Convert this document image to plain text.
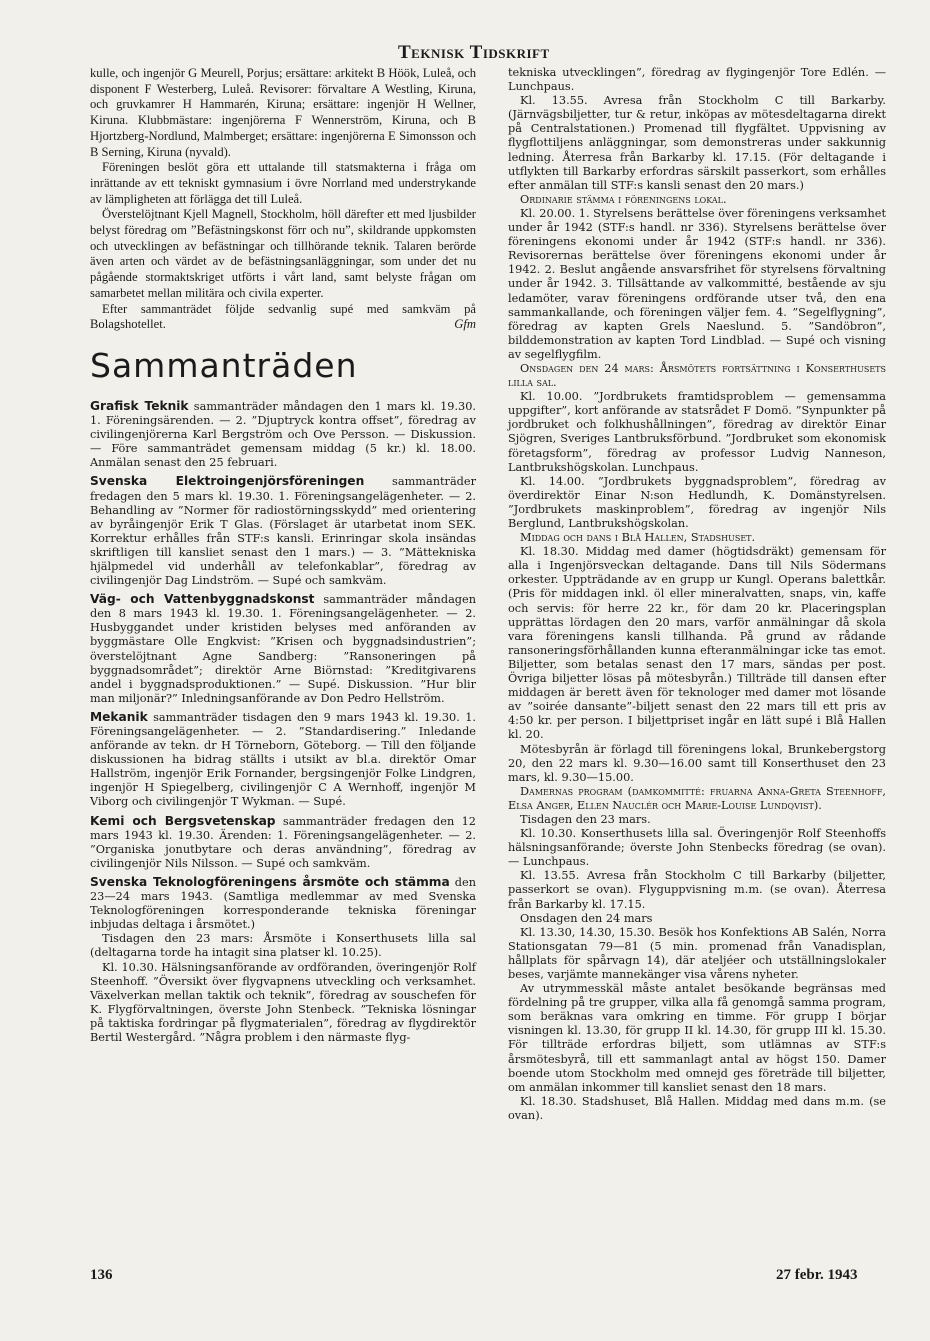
Teknisk Tidskrift

kulle, och ingenjör G Meurell, Porjus; ersättare: arkitekt B Höök, Luleå, och disponent F Westerberg, Luleå. Revisorer: förvaltare A Westling, Kiruna, och gruvkamrer H Hammarén, Kiruna; ersättare: ingenjör H Wellner, Kiruna. Klubbmästare: ingenjörerna F Wennerström, Kiruna, och B Hjortzberg-Nordlund, Malmberget; ersättare: ingenjörerna E Simonsson och B Serning, Kiruna (nyvald).

Föreningen beslöt göra ett uttalande till statsmakterna i fråga om inrättande av ett tekniskt gymnasium i övre Norrland med understrykande av lämpligheten att förlägga det till Luleå.

Överstelöjtnant Kjell Magnell, Stockholm, höll därefter ett med ljusbilder belyst föredrag om ”Befästningskonst förr och nu”, skildrande uppkomsten och utvecklingen av befästningar och tillhörande teknik. Talaren berörde även arten och värdet av de befästningsanläggningar, som under det nu pågående stormaktskriget utförts i vårt land, samt belyste frågan om samarbetet mellan militära och civila experter.

Efter sammanträdet följde sedvanlig supé med samkväm på Bolagshotellet.	Gfm

Sammanträden

Grafisk Teknik sammanträder måndagen den 1 mars kl. 19.30. 1. Föreningsärenden. — 2. ”Djuptryck kontra offset”, föredrag av civilingenjörerna Karl Bergström och Ove Persson. — Diskussion. — Före sammanträdet gemensam middag (5 kr.) kl. 18.00. Anmälan senast den 25 februari.

Svenska Elektroingenjörsföreningen sammanträder fredagen den 5 mars kl. 19.30. 1. Föreningsangelägenheter. — 2. Behandling av ”Normer för radiostörningsskydd” med orientering av byråingenjör Erik T Glas. (Förslaget är utarbetat inom SEK. Korrektur erhålles från STF:s kansli. Erinringar skola insändas skriftligen till kansliet senast den 1 mars.) — 3. ”Mättekniska hjälpmedel vid underhåll av telefonkablar”, föredrag av civilingenjör Dag Lindström. — Supé och samkväm.

Väg- och Vattenbyggnadskonst sammanträder måndagen den 8 mars 1943 kl. 19.30. 1. Föreningsangelägenheter. — 2. Husbyggandet under kristiden belyses med anföranden av byggmästare Olle Engkvist: ”Krisen och byggnadsindustrien”; överstelöjtnant Agne Sandberg: ”Ransoneringen på byggnadsområdet”; direktör Arne Biörnstad: ”Kreditgivarens andel i byggnadsproduktionen.” — Supé. Diskussion. ”Hur blir man miljonär?” Inledningsanförande av Don Pedro Hellström.

Mekanik sammanträder tisdagen den 9 mars 1943 kl. 19.30. 1. Föreningsangelägenheter. — 2. ”Standardisering.” Inledande anförande av tekn. dr H Törneborn, Göteborg. — Till den följande diskussionen ha bidrag ställts i utsikt av bl.a. direktör Omar Hallström, ingenjör Erik Fornander, bergsingenjör Folke Lindgren, ingenjör H Spiegelberg, civilingenjör C A Wernhoff, ingenjör M Viborg och civilingenjör T Wykman. — Supé.

Kemi och Bergsvetenskap sammanträder fredagen den 12 mars 1943 kl. 19.30. Ärenden: 1. Föreningsangelägenheter. — 2. ”Organiska jonutbytare och deras användning”, föredrag av civilingenjör Nils Nilsson. — Supé och samkväm.

Svenska Teknologföreningens årsmöte och stämma den 23—24 mars 1943. (Samtliga medlemmar av med Svenska Teknologföreningen korresponderande tekniska föreningar inbjudas deltaga i årsmötet.)

Tisdagen den 23 mars: Årsmöte i Konserthusets lilla sal (deltagarna torde ha intagit sina platser kl. 10.25).

Kl. 10.30. Hälsningsanförande av ordföranden, överingenjör Rolf Steenhoff. ”Översikt över flygvapnens utveckling och verksamhet. Växelverkan mellan taktik och teknik”, föredrag av souschefen för K. Flygförvaltningen, överste John Stenbeck. ”Tekniska lösningar på taktiska fordringar på flygmaterialen”, föredrag av flygdirektör Bertil Westergård. ”Några problem i den närmaste flyg-

tekniska utvecklingen”, föredrag av flygingenjör Tore Edlén. — Lunchpaus.

Kl. 13.55. Avresa från Stockholm C till Barkarby. (Järnvägsbiljetter, tur & retur, inköpas av mötesdeltagarna direkt på Centralstationen.) Promenad till flygfältet. Uppvisning av flygflottiljens anläggningar, som demonstreras under sakkunnig ledning. Återresa från Barkarby kl. 17.15. (För deltagande i utflykten till Barkarby erfordras särskilt passerkort, som erhålles efter anmälan till STF:s kansli senast den 20 mars.)

Ordinarie stämma i föreningens lokal.

Kl. 20.00. 1. Styrelsens berättelse över föreningens verksamhet under år 1942 (STF:s handl. nr 336). Styrelsens berättelse över föreningens ekonomi under år 1942 (STF:s handl. nr 336). Revisorernas berättelse över föreningens ekonomi under år 1942. 2. Beslut angående ansvarsfrihet för styrelsens förvaltning under år 1942. 3. Tillsättande av valkommitté, bestående av sju ledamöter, varav föreningens ordförande utser två, den ena sammankallande, och föreningen väljer fem. 4. ”Segelflygning”, föredrag av kapten Grels Naeslund. 5. ”Sandöbron”, bilddemonstration av kapten Tord Lindblad. — Supé och visning av segelflygfilm.

Onsdagen den 24 mars: Årsmötets fortsättning i Konserthusets lilla sal.

Kl. 10.00. ”Jordbrukets framtidsproblem — gemensamma uppgifter”, kort anförande av statsrådet F Domö. ”Synpunkter på jordbruket och folkhushållningen”, föredrag av direktör Einar Sjögren, Sveriges Lantbruksförbund. ”Jordbruket som ekonomisk företagsform”, föredrag av professor Ludvig Nanneson, Lantbrukshögskolan. Lunchpaus.

Kl. 14.00. ”Jordbrukets byggnadsproblem”, föredrag av överdirektör Einar N:son Hedlundh, K. Domänstyrelsen. ”Jordbrukets maskinproblem”, föredrag av ingenjör Nils Berglund, Lantbrukshögskolan.

Middag och dans i Blå Hallen, Stadshuset.

Kl. 18.30. Middag med damer (högtidsdräkt) gemensam för alla i Ingenjörsveckan deltagande. Dans till Nils Södermans orkester. Uppträdande av en grupp ur Kungl. Operans balettkår. (Pris för middagen inkl. öl eller mineralvatten, snaps, vin, kaffe och servis: för herre 22 kr., för dam 20 kr. Placeringsplan upprättas lördagen den 20 mars, varför anmälningar då skola vara föreningens kansli tillhanda. På grund av rådande ransoneringsförhållanden kunna efteranmälningar icke tas emot. Biljetter, som betalas senast den 17 mars, sändas per post. Övriga biljetter lösas på mötesbyrån.) Tillträde till dansen efter middagen är berett även för teknologer med damer mot lösande av ”soirée dansante”-biljett senast den 22 mars till ett pris av 4:50 kr. per person. I biljettpriset ingår en lätt supé i Blå Hallen kl. 20.

Mötesbyrån är förlagd till föreningens lokal, Brunkebergstorg 20, den 22 mars kl. 9.30—16.00 samt till Konserthuset den 23 mars, kl. 9.30—15.00.

Damernas program (damkommitté: fruarna Anna-Greta Steenhoff, Elsa Anger, Ellen Nauclér och Marie-Louise Lundqvist).

Tisdagen den 23 mars.

Kl. 10.30. Konserthusets lilla sal. Överingenjör Rolf Steenhoffs hälsningsanförande; överste John Stenbecks föredrag (se ovan). — Lunchpaus.

Kl. 13.55. Avresa från Stockholm C till Barkarby (biljetter, passerkort se ovan). Flyguppvisning m.m. (se ovan). Återresa från Barkarby kl. 17.15.

Onsdagen den 24 mars

Kl. 13.30, 14.30, 15.30. Besök hos Konfektions AB Salén, Norra Stationsgatan 79—81 (5 min. promenad från Vanadisplan, hållplats för spårvagn 14), där ateljéer och utställningslokaler beses, varjämte mannekänger visa vårens nyheter.

Av utrymmesskäl måste antalet besökande begränsas med fördelning på tre grupper, vilka alla få genomgå samma program, som beräknas vara omkring en timme. För grupp I börjar visningen kl. 13.30, för grupp II kl. 14.30, för grupp III kl. 15.30. För tillträde erfordras biljett, som utlämnas av STF:s årsmötesbyrå, till ett sammanlagt antal av högst 150. Damer boende utom Stockholm med omnejd ges företräde till biljetter, om anmälan inkommer till kansliet senast den 18 mars.

Kl. 18.30. Stadshuset, Blå Hallen. Middag med dans m.m. (se ovan).

136	27 febr. 1943
